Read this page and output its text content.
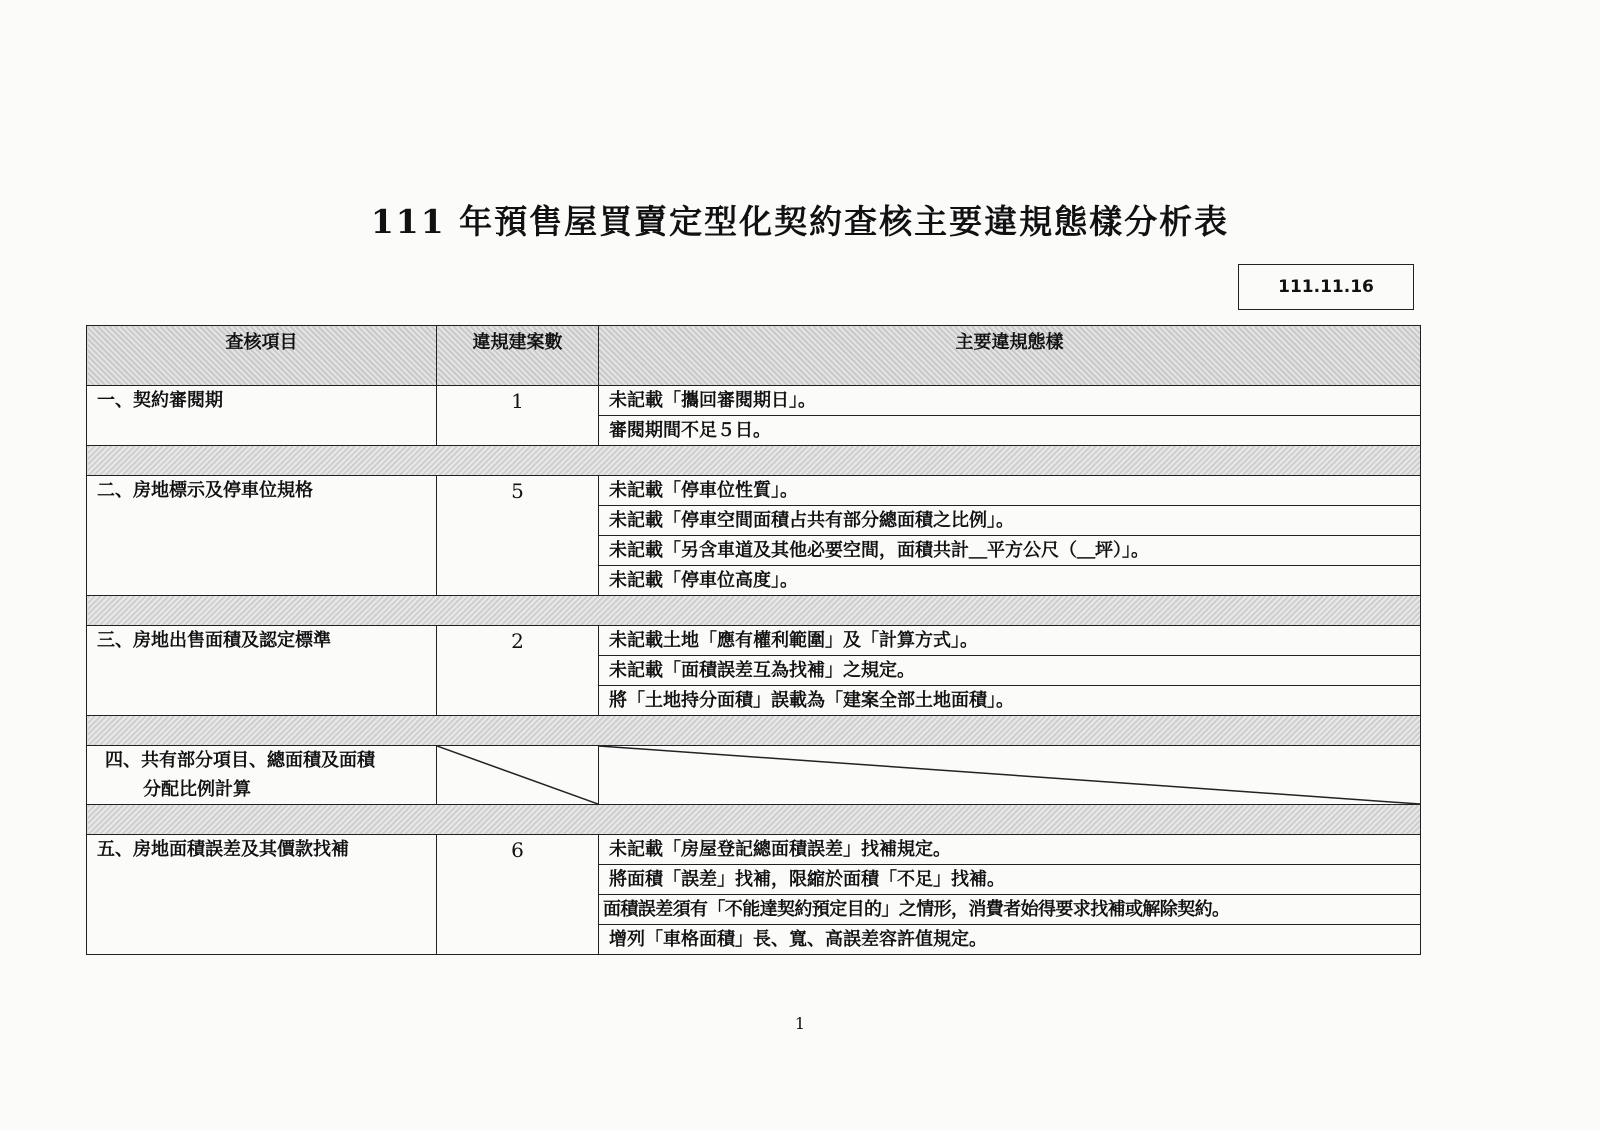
111 年預售屋買賣定型化契約查核主要違規態樣分析表
111.11.16
查核項目	違規建案數	主要違規態樣
一、契約審閱期	1	未記載「攜回審閱期日」。
		審閱期間不足５日。

二、房地標示及停車位規格	5	未記載「停車位性質」。
		未記載「停車空間面積占共有部分總面積之比例」。
		未記載「另含車道及其他必要空間，面積共計＿平方公尺（＿坪）」。
		未記載「停車位高度」。

三、房地出售面積及認定標準	2	未記載土地「應有權利範圍」及「計算方式」。
		未記載「面積誤差互為找補」之規定。
		將「土地持分面積」誤載為「建案全部土地面積」。

四、共有部分項目、總面積及面積
分配比例計算

五、房地面積誤差及其價款找補	6	未記載「房屋登記總面積誤差」找補規定。
		將面積「誤差」找補，限縮於面積「不足」找補。
		面積誤差須有「不能達契約預定目的」之情形，消費者始得要求找補或解除契約。
		增列「車格面積」長、寬、高誤差容許值規定。
1
